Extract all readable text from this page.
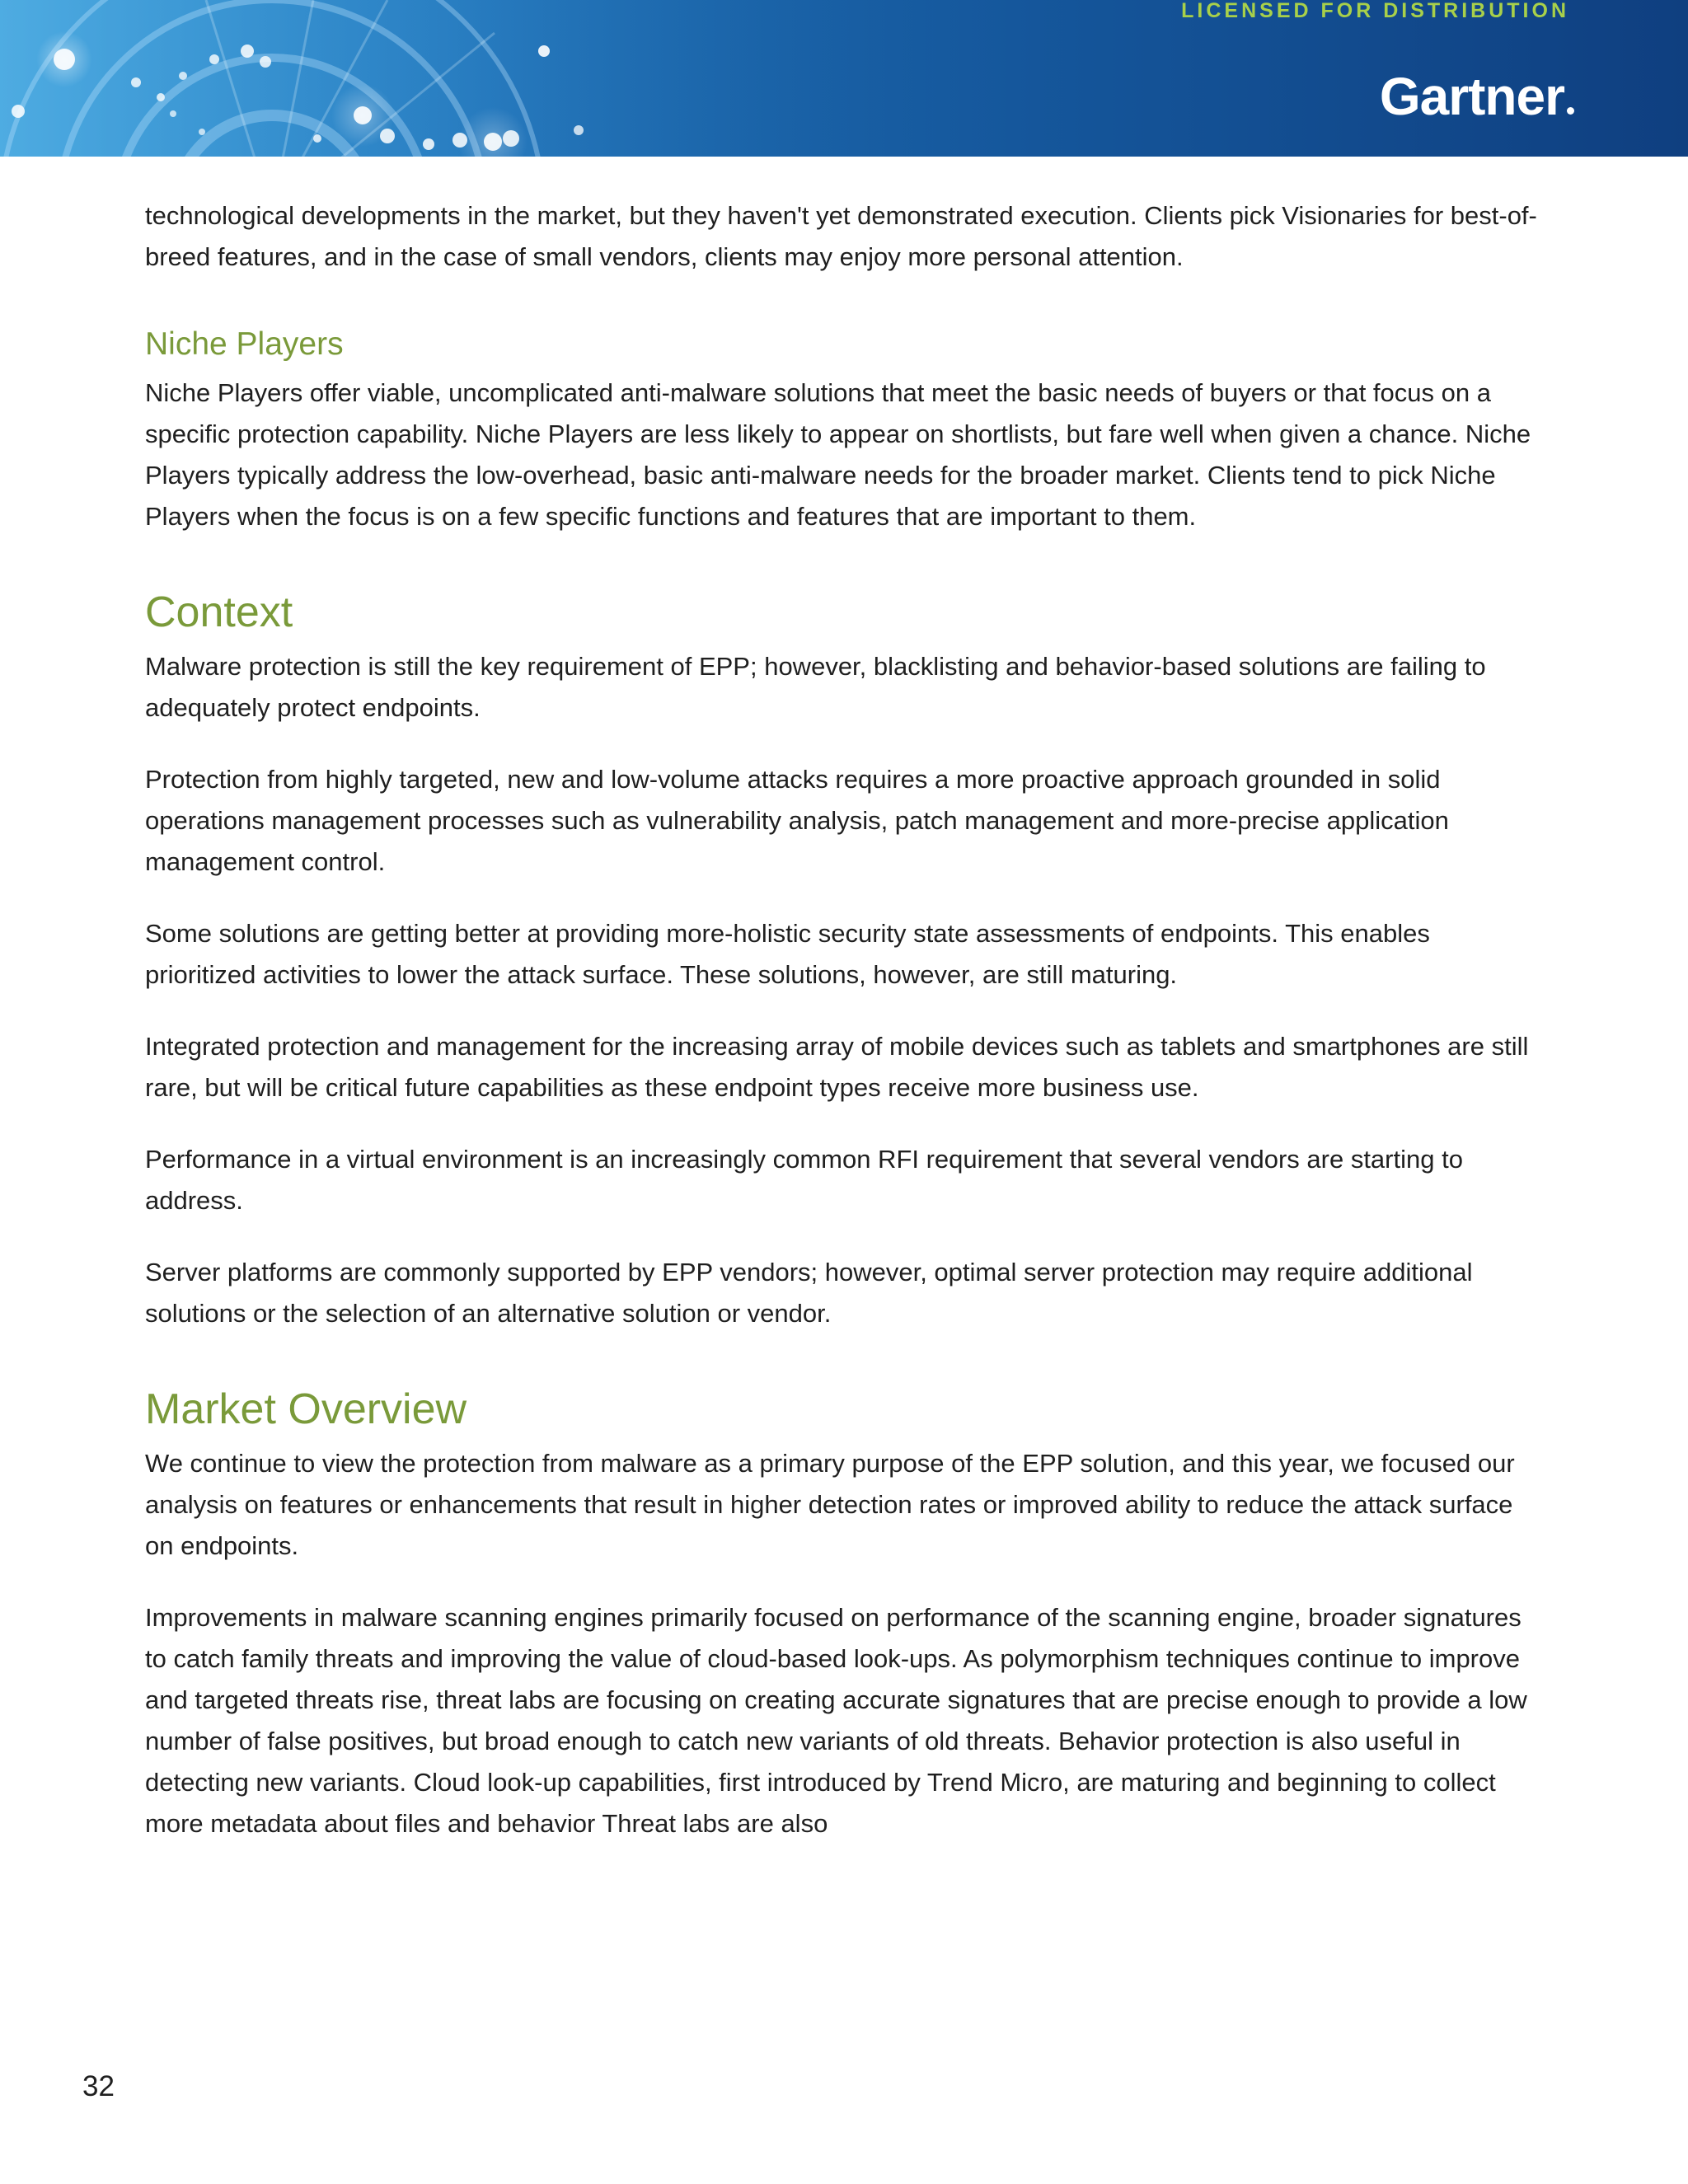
LICENSED FOR DISTRIBUTION
Gartner

technological developments in the market, but they haven't yet demonstrated execution. Clients pick Visionaries for best-of-breed features, and in the case of small vendors, clients may enjoy more personal attention.

Niche Players

Niche Players offer viable, uncomplicated anti-malware solutions that meet the basic needs of buyers or that focus on a specific protection capability. Niche Players are less likely to appear on shortlists, but fare well when given a chance. Niche Players typically address the low-overhead, basic anti-malware needs for the broader market. Clients tend to pick Niche Players when the focus is on a few specific functions and features that are important to them.

Context

Malware protection is still the key requirement of EPP; however, blacklisting and behavior-based solutions are failing to adequately protect endpoints.

Protection from highly targeted, new and low-volume attacks requires a more proactive approach grounded in solid operations management processes such as vulnerability analysis, patch management and more-precise application management control.

Some solutions are getting better at providing more-holistic security state assessments of endpoints. This enables prioritized activities to lower the attack surface. These solutions, however, are still maturing.

Integrated protection and management for the increasing array of mobile devices such as tablets and smartphones are still rare, but will be critical future capabilities as these endpoint types receive more business use.

Performance in a virtual environment is an increasingly common RFI requirement that several vendors are starting to address.

Server platforms are commonly supported by EPP vendors; however, optimal server protection may require additional solutions or the selection of an alternative solution or vendor.

Market Overview

We continue to view the protection from malware as a primary purpose of the EPP solution, and this year, we focused our analysis on features or enhancements that result in higher detection rates or improved ability to reduce the attack surface on endpoints.

Improvements in malware scanning engines primarily focused on performance of the scanning engine, broader signatures to catch family threats and improving the value of cloud-based look-ups. As polymorphism techniques continue to improve and targeted threats rise, threat labs are focusing on creating accurate signatures that are precise enough to provide a low number of false positives, but broad enough to catch new variants of old threats. Behavior protection is also useful in detecting new variants. Cloud look-up capabilities, first introduced by Trend Micro, are maturing and beginning to collect more metadata about files and behavior Threat labs are also

32
